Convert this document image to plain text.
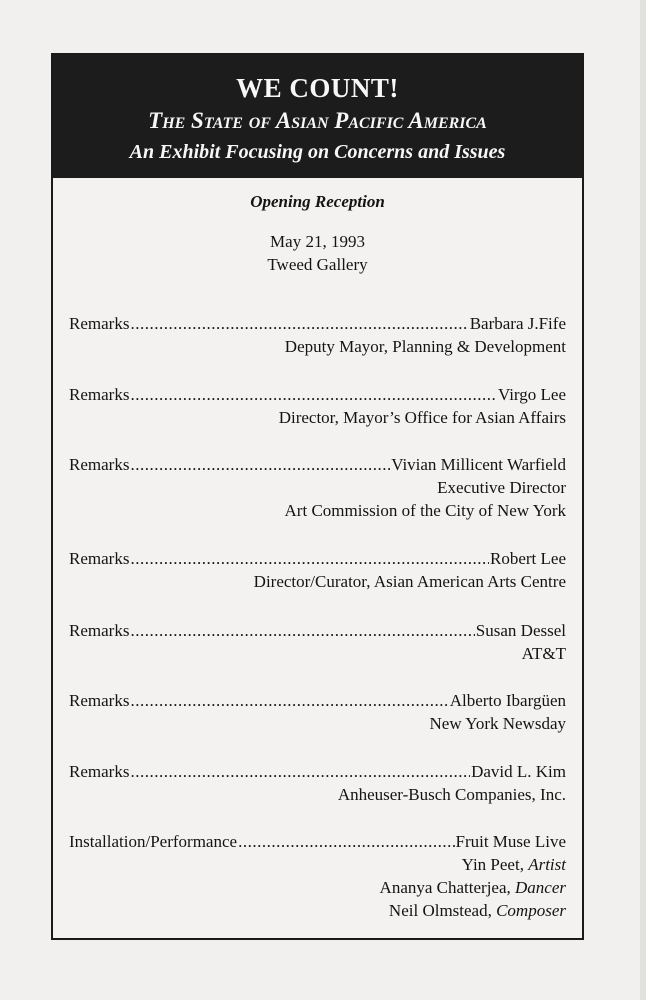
WE COUNT!
The State of Asian Pacific America
An Exhibit Focusing on Concerns and Issues
Opening Reception
May 21, 1993
Tweed Gallery
Remarks .....	Barbara J.Fife
Deputy Mayor, Planning & Development
Remarks .....	Virgo Lee
Director, Mayor’s Office for Asian Affairs
Remarks .....	Vivian Millicent Warfield
Executive Director
Art Commission of the City of New York
Remarks .....	Robert Lee
Director/Curator, Asian American Arts Centre
Remarks .....	Susan Dessel
AT&T
Remarks .....	Alberto Ibargüen
New York Newsday
Remarks .....	David L. Kim
Anheuser-Busch Companies, Inc.
Installation/Performance .....	Fruit Muse Live
Yin Peet, Artist
Ananya Chatterjea, Dancer
Neil Olmstead, Composer
